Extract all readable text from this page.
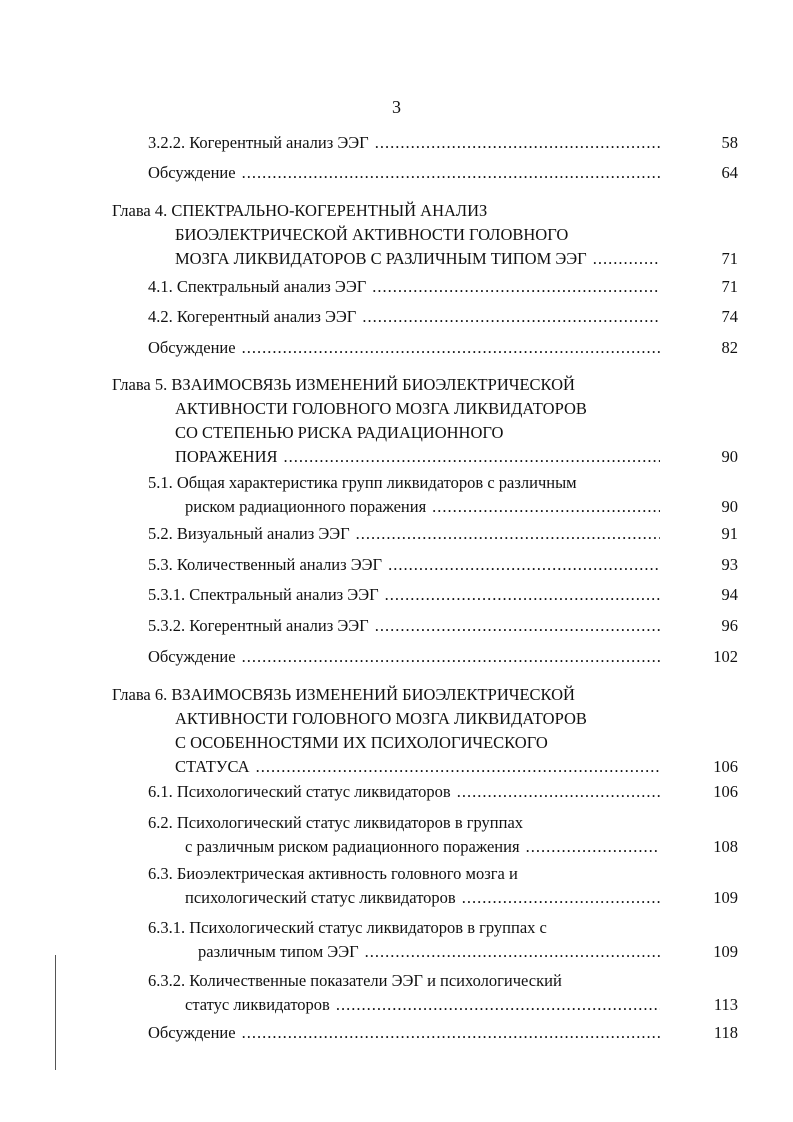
3
3.2.2. Когерентный анализ ЭЭГ .....	58
Обсуждение .....	64
Глава 4. СПЕКТРАЛЬНО-КОГЕРЕНТНЫЙ АНАЛИЗ
БИОЭЛЕКТРИЧЕСКОЙ АКТИВНОСТИ ГОЛОВНОГО
МОЗГА ЛИКВИДАТОРОВ С РАЗЛИЧНЫМ ТИПОМ ЭЭГ .....	71
4.1. Спектральный анализ ЭЭГ .....	71
4.2. Когерентный анализ ЭЭГ .....	74
Обсуждение .....	82
Глава 5. ВЗАИМОСВЯЗЬ ИЗМЕНЕНИЙ БИОЭЛЕКТРИЧЕСКОЙ
АКТИВНОСТИ ГОЛОВНОГО МОЗГА ЛИКВИДАТОРОВ
СО СТЕПЕНЬЮ РИСКА РАДИАЦИОННОГО
ПОРАЖЕНИЯ .....	90
5.1. Общая характеристика групп ликвидаторов с различным
риском радиационного поражения .....	90
5.2. Визуальный анализ ЭЭГ .....	91
5.3. Количественный анализ ЭЭГ .....	93
5.3.1. Спектральный анализ ЭЭГ .....	94
5.3.2. Когерентный анализ ЭЭГ .....	96
Обсуждение .....	102
Глава 6. ВЗАИМОСВЯЗЬ ИЗМЕНЕНИЙ БИОЭЛЕКТРИЧЕСКОЙ
АКТИВНОСТИ ГОЛОВНОГО МОЗГА ЛИКВИДАТОРОВ
С ОСОБЕННОСТЯМИ ИХ ПСИХОЛОГИЧЕСКОГО
СТАТУСА .....	106
6.1. Психологический статус ликвидаторов .....	106
6.2. Психологический статус ликвидаторов в группах
с различным риском радиационного поражения .....	108
6.3. Биоэлектрическая активность головного мозга и
психологический статус ликвидаторов .....	109
6.3.1. Психологический статус ликвидаторов в группах с
различным типом ЭЭГ .....	109
6.3.2. Количественные показатели ЭЭГ и психологический
статус ликвидаторов .....	113
Обсуждение .....	118
